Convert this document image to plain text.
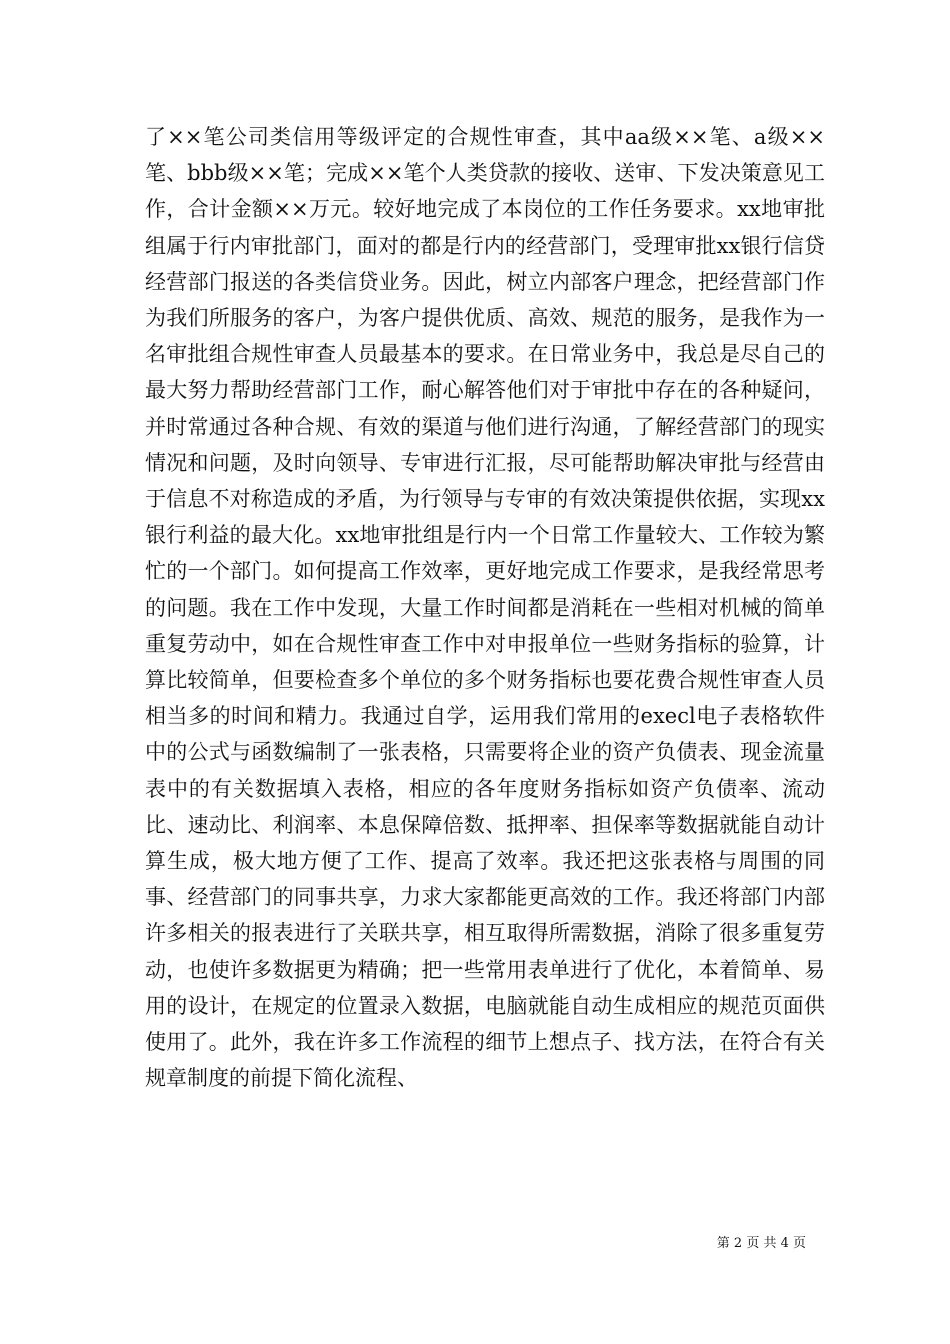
了××笔公司类信用等级评定的合规性审查，其中aa级××笔、a级××笔、bbb级××笔；完成××笔个人类贷款的接收、送审、下发决策意见工作，合计金额××万元。较好地完成了本岗位的工作任务要求。xx地审批组属于行内审批部门，面对的都是行内的经营部门，受理审批xx银行信贷经营部门报送的各类信贷业务。因此，树立内部客户理念，把经营部门作为我们所服务的客户，为客户提供优质、高效、规范的服务，是我作为一名审批组合规性审查人员最基本的要求。在日常业务中，我总是尽自己的最大努力帮助经营部门工作，耐心解答他们对于审批中存在的各种疑问，并时常通过各种合规、有效的渠道与他们进行沟通，了解经营部门的现实情况和问题，及时向领导、专审进行汇报，尽可能帮助解决审批与经营由于信息不对称造成的矛盾，为行领导与专审的有效决策提供依据，实现xx银行利益的最大化。xx地审批组是行内一个日常工作量较大、工作较为繁忙的一个部门。如何提高工作效率，更好地完成工作要求，是我经常思考的问题。我在工作中发现，大量工作时间都是消耗在一些相对机械的简单重复劳动中，如在合规性审查工作中对申报单位一些财务指标的验算，计算比较简单，但要检查多个单位的多个财务指标也要花费合规性审查人员相当多的时间和精力。我通过自学，运用我们常用的execl电子表格软件中的公式与函数编制了一张表格，只需要将企业的资产负债表、现金流量表中的有关数据填入表格，相应的各年度财务指标如资产负债率、流动比、速动比、利润率、本息保障倍数、抵押率、担保率等数据就能自动计算生成，极大地方便了工作、提高了效率。我还把这张表格与周围的同事、经营部门的同事共享，力求大家都能更高效的工作。我还将部门内部许多相关的报表进行了关联共享，相互取得所需数据，消除了很多重复劳动，也使许多数据更为精确；把一些常用表单进行了优化，本着简单、易用的设计，在规定的位置录入数据，电脑就能自动生成相应的规范页面供使用了。此外，我在许多工作流程的细节上想点子、找方法，在符合有关规章制度的前提下简化流程、

第 2 页 共 4 页
